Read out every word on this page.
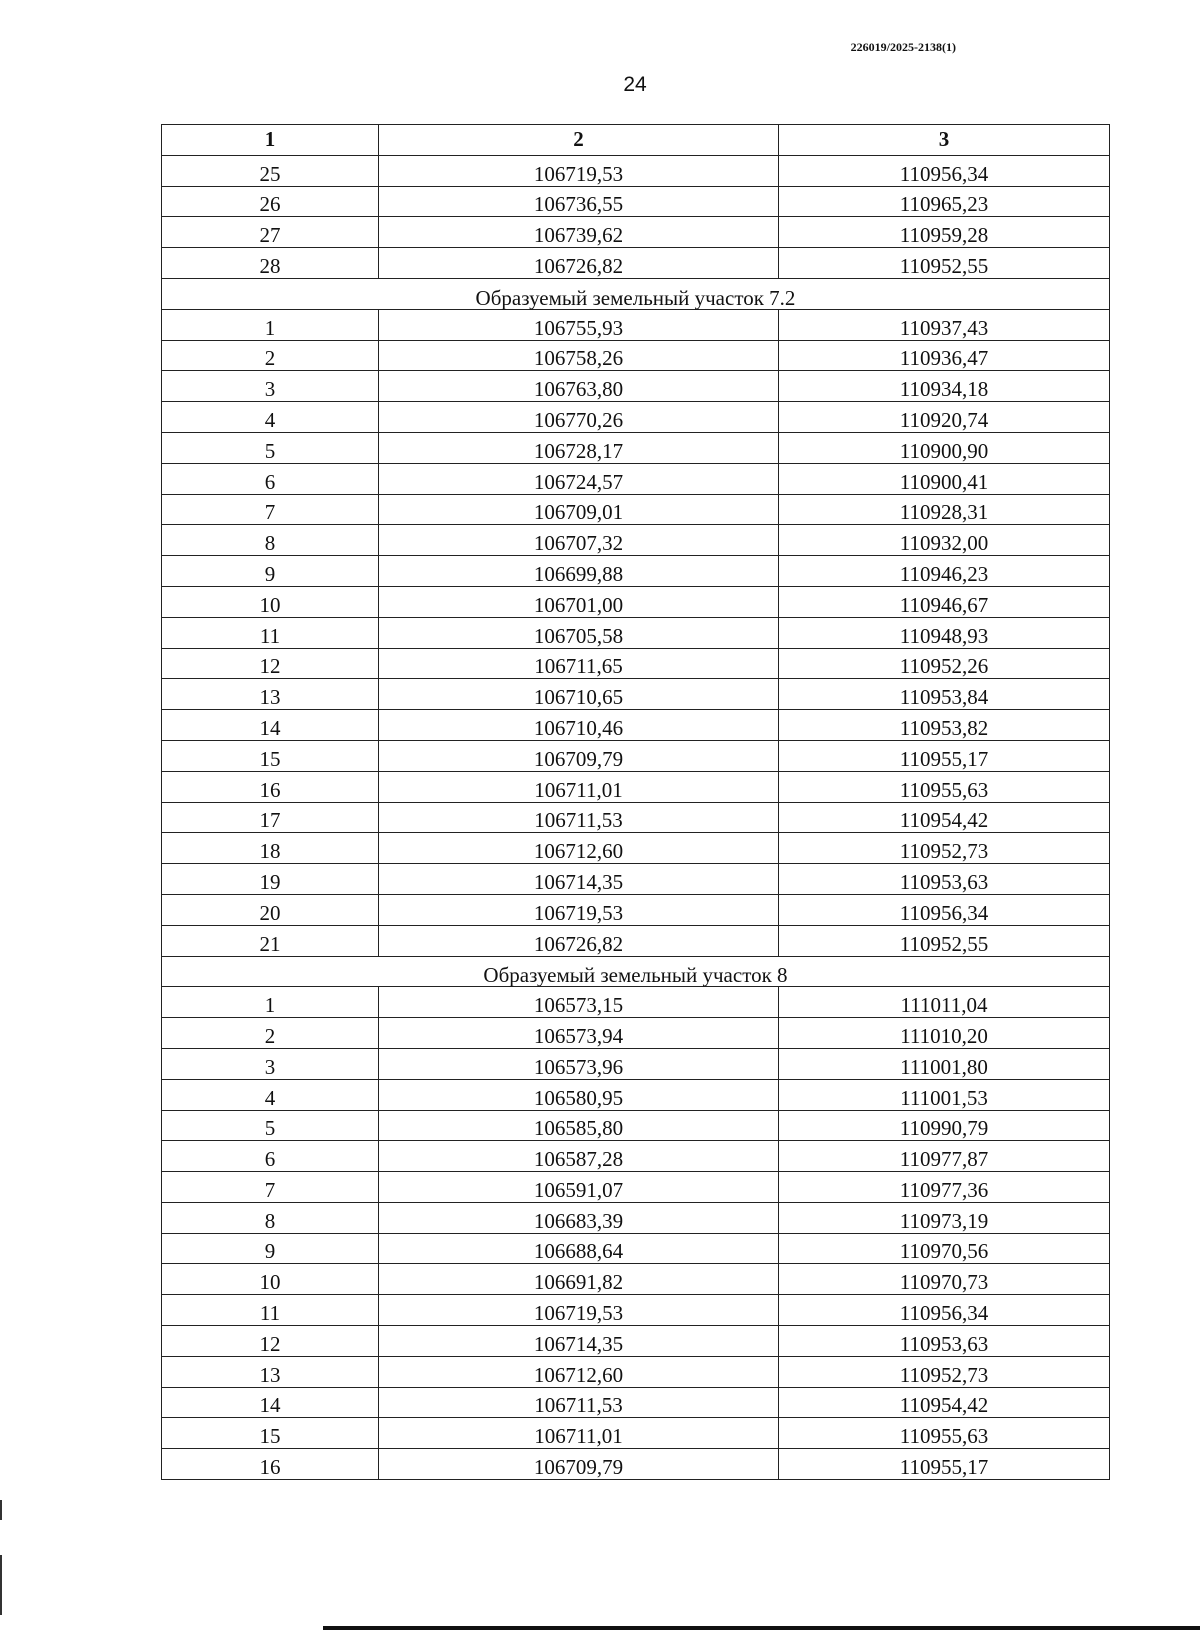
226019/2025-2138(1)
24
1	2	3
25	106719,53	110956,34
26	106736,55	110965,23
27	106739,62	110959,28
28	106726,82	110952,55
Образуемый земельный участок 7.2		
1	106755,93	110937,43
2	106758,26	110936,47
3	106763,80	110934,18
4	106770,26	110920,74
5	106728,17	110900,90
6	106724,57	110900,41
7	106709,01	110928,31
8	106707,32	110932,00
9	106699,88	110946,23
10	106701,00	110946,67
11	106705,58	110948,93
12	106711,65	110952,26
13	106710,65	110953,84
14	106710,46	110953,82
15	106709,79	110955,17
16	106711,01	110955,63
17	106711,53	110954,42
18	106712,60	110952,73
19	106714,35	110953,63
20	106719,53	110956,34
21	106726,82	110952,55
Образуемый земельный участок 8		
1	106573,15	111011,04
2	106573,94	111010,20
3	106573,96	111001,80
4	106580,95	111001,53
5	106585,80	110990,79
6	106587,28	110977,87
7	106591,07	110977,36
8	106683,39	110973,19
9	106688,64	110970,56
10	106691,82	110970,73
11	106719,53	110956,34
12	106714,35	110953,63
13	106712,60	110952,73
14	106711,53	110954,42
15	106711,01	110955,63
16	106709,79	110955,17
